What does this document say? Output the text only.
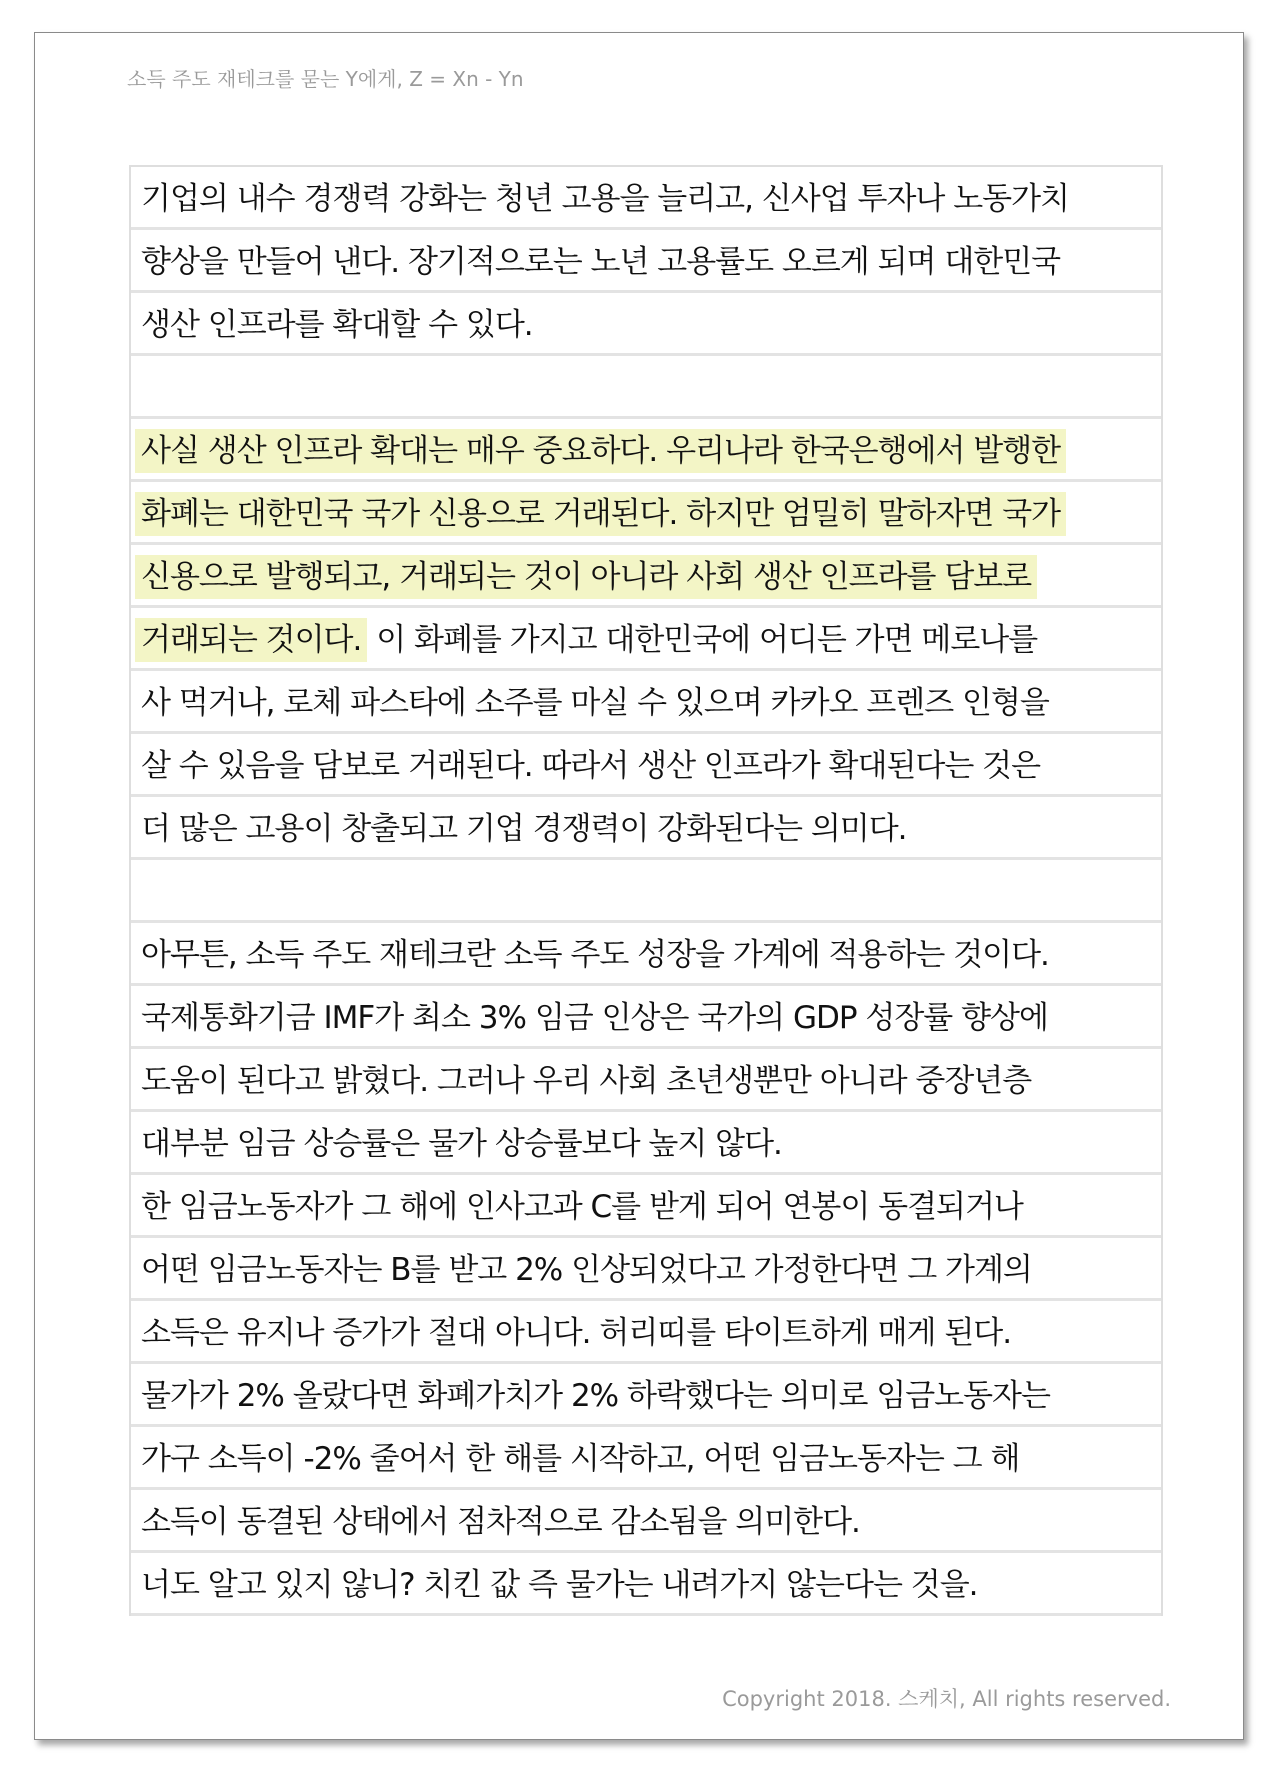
소득 주도 재테크를 묻는 Y에게, Z = Xn - Yn
기업의 내수 경쟁력 강화는 청년 고용을 늘리고, 신사업 투자나 노동가치
향상을 만들어 낸다. 장기적으로는 노년 고용률도 오르게 되며 대한민국
생산 인프라를 확대할 수 있다.
사실 생산 인프라 확대는 매우 중요하다. 우리나라 한국은행에서 발행한
화폐는 대한민국 국가 신용으로 거래된다. 하지만 엄밀히 말하자면 국가
신용으로 발행되고, 거래되는 것이 아니라 사회 생산 인프라를 담보로
거래되는 것이다. 이 화폐를 가지고 대한민국에 어디든 가면 메로나를
사 먹거나, 로체 파스타에 소주를 마실 수 있으며 카카오 프렌즈 인형을
살 수 있음을 담보로 거래된다. 따라서 생산 인프라가 확대된다는 것은
더 많은 고용이 창출되고 기업 경쟁력이 강화된다는 의미다.
아무튼, 소득 주도 재테크란 소득 주도 성장을 가계에 적용하는 것이다.
국제통화기금 IMF가 최소 3% 임금 인상은 국가의 GDP 성장률 향상에
도움이 된다고 밝혔다. 그러나 우리 사회 초년생뿐만 아니라 중장년층
대부분 임금 상승률은 물가 상승률보다 높지 않다.
한 임금노동자가 그 해에 인사고과 C를 받게 되어 연봉이 동결되거나
어떤 임금노동자는 B를 받고 2% 인상되었다고 가정한다면 그 가계의
소득은 유지나 증가가 절대 아니다. 허리띠를 타이트하게 매게 된다.
물가가 2% 올랐다면 화폐가치가 2% 하락했다는 의미로 임금노동자는
가구 소득이 -2% 줄어서 한 해를 시작하고, 어떤 임금노동자는 그 해
소득이 동결된 상태에서 점차적으로 감소됨을 의미한다.
너도 알고 있지 않니? 치킨 값 즉 물가는 내려가지 않는다는 것을.
Copyright 2018. 스케치, All rights reserved.
